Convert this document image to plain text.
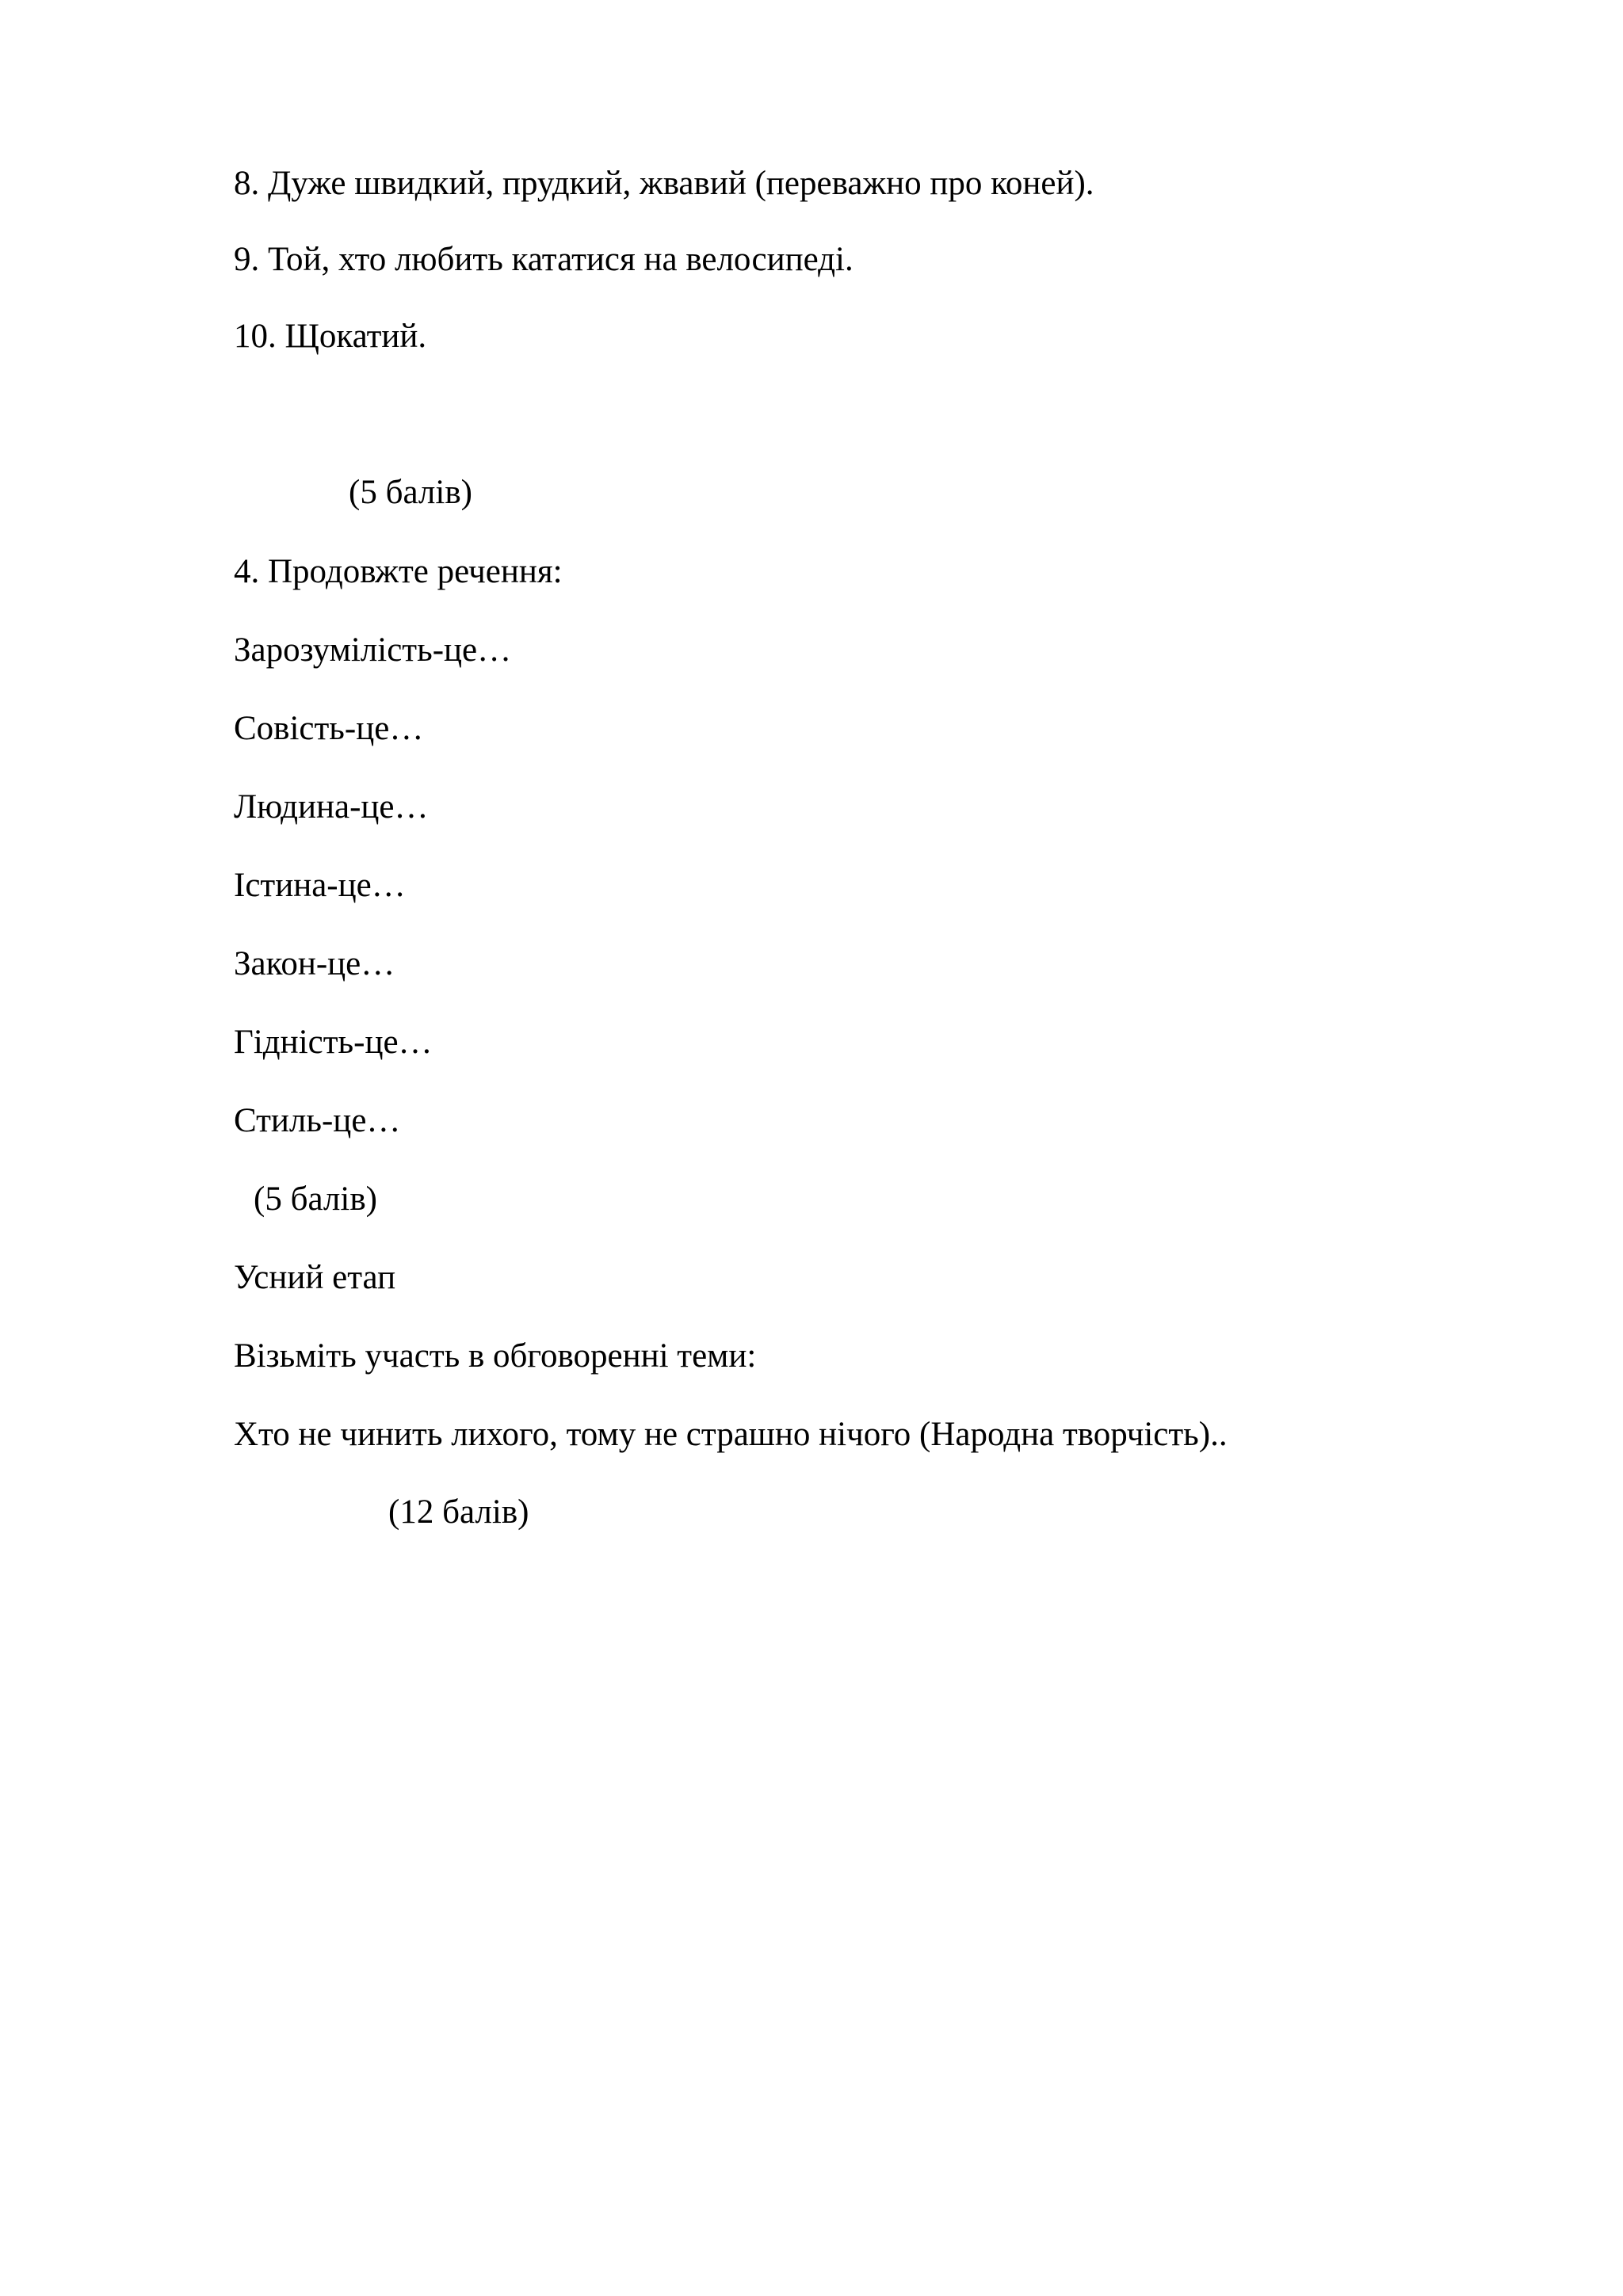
8. Дуже швидкий, прудкий, жвавий (переважно про коней).
9. Той, хто любить кататися на велосипеді.
10. Щокатий.
(5 балів)
4. Продовжте речення:
Зарозумілість-це…
Совість-це…
Людина-це…
Істина-це…
Закон-це…
Гідність-це…
Стиль-це…
(5 балів)
Усний етап
Візьміть участь в обговоренні теми:
Хто не чинить лихого, тому не страшно нічого (Народна творчість)..
(12 балів)
